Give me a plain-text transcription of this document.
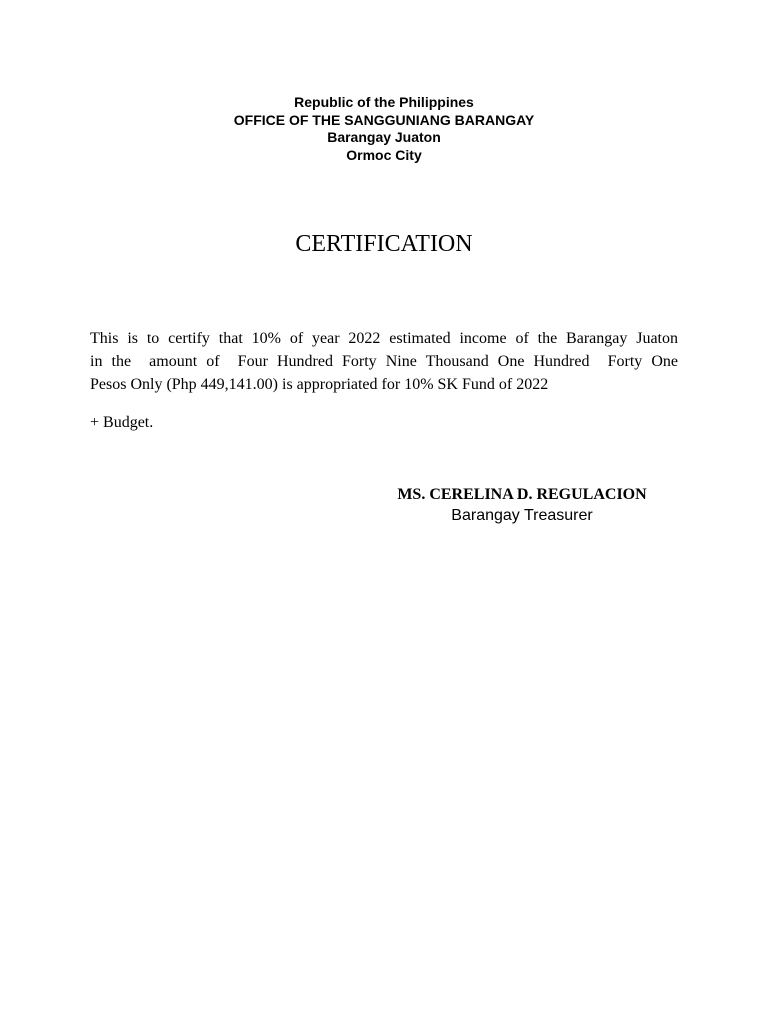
Republic of the Philippines
OFFICE OF THE SANGGUNIANG BARANGAY
Barangay Juaton
Ormoc City
CERTIFICATION
This is to certify that 10% of year 2022 estimated income of the Barangay Juaton
in the  amount of  Four Hundred Forty Nine Thousand One Hundred  Forty One
Pesos Only (Php 449,141.00) is appropriated for 10% SK Fund of 2022
+ Budget.
MS. CERELINA D. REGULACION
Barangay Treasurer
